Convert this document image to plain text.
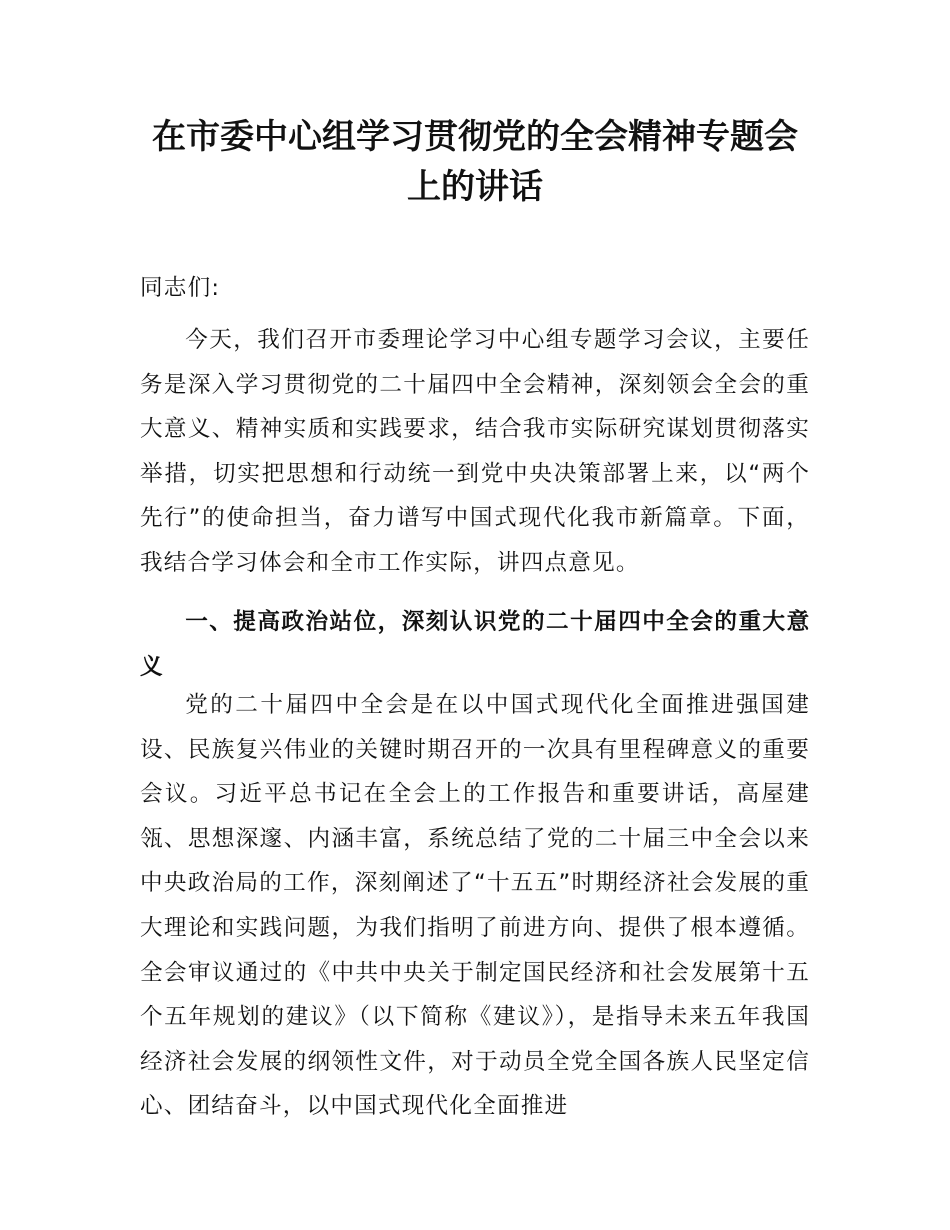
在市委中心组学习贯彻党的全会精神专题会
上的讲话

同志们:

今天，我们召开市委理论学习中心组专题学习会议，主要任务是深入学习贯彻党的二十届四中全会精神，深刻领会全会的重大意义、精神实质和实践要求，结合我市实际研究谋划贯彻落实举措，切实把思想和行动统一到党中央决策部署上来，以“两个先行”的使命担当，奋力谱写中国式现代化我市新篇章。下面，我结合学习体会和全市工作实际，讲四点意见。

一、提高政治站位，深刻认识党的二十届四中全会的重大意义

党的二十届四中全会是在以中国式现代化全面推进强国建设、民族复兴伟业的关键时期召开的一次具有里程碑意义的重要会议。习近平总书记在全会上的工作报告和重要讲话，高屋建瓴、思想深邃、内涵丰富，系统总结了党的二十届三中全会以来中央政治局的工作，深刻阐述了“十五五”时期经济社会发展的重大理论和实践问题，为我们指明了前进方向、提供了根本遵循。全会审议通过的《中共中央关于制定国民经济和社会发展第十五个五年规划的建议》（以下简称《建议》），是指导未来五年我国经济社会发展的纲领性文件，对于动员全党全国各族人民坚定信心、团结奋斗，以中国式现代化全面推进
